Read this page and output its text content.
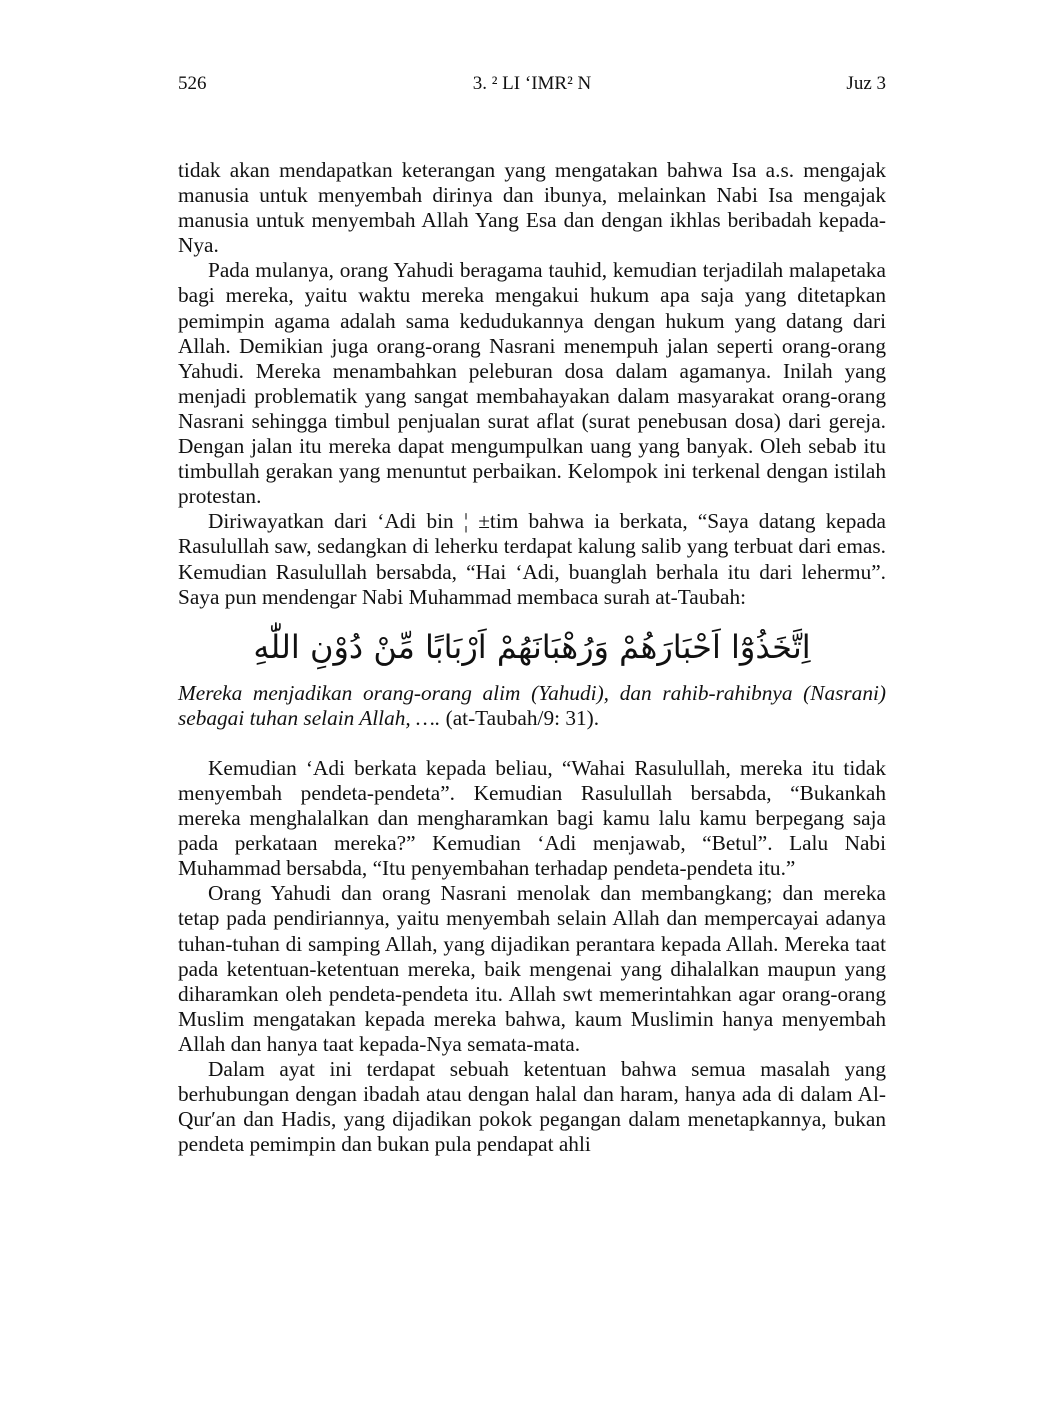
526	3. ² LI ‘IMR² N	Juz 3

tidak akan mendapatkan keterangan yang mengatakan bahwa Isa a.s. mengajak manusia untuk menyembah dirinya dan ibunya, melainkan Nabi Isa mengajak manusia untuk menyembah Allah Yang Esa dan dengan ikhlas beribadah kepada-Nya.

Pada mulanya, orang Yahudi beragama tauhid, kemudian terjadilah malapetaka bagi mereka, yaitu waktu mereka mengakui hukum apa saja yang ditetapkan pemimpin agama adalah sama kedudukannya dengan hukum yang datang dari Allah. Demikian juga orang-orang Nasrani menempuh jalan seperti orang-orang Yahudi. Mereka menambahkan peleburan dosa dalam agamanya. Inilah yang menjadi problematik yang sangat membahayakan dalam masyarakat orang-orang Nasrani sehingga timbul penjualan surat aflat (surat penebusan dosa) dari gereja. Dengan jalan itu mereka dapat mengumpulkan uang yang banyak. Oleh sebab itu timbullah gerakan yang menuntut perbaikan. Kelompok ini terkenal dengan istilah protestan.

Diriwayatkan dari ‘Adi bin ¦ ±tim bahwa ia berkata, “Saya datang kepada Rasulullah saw, sedangkan di leherku terdapat kalung salib yang terbuat dari emas. Kemudian Rasulullah bersabda, “Hai ‘Adi, buanglah berhala itu dari lehermu”. Saya pun mendengar Nabi Muhammad membaca surah at-Taubah:

اِتَّخَذُوْٓا اَحْبَارَهُمْ وَرُهْبَانَهُمْ اَرْبَابًا مِّنْ دُوْنِ اللّٰهِ

Mereka menjadikan orang-orang alim (Yahudi), dan rahib-rahibnya (Nasrani) sebagai tuhan selain Allah, …. (at-Taubah/9: 31).

Kemudian ‘Adi berkata kepada beliau, “Wahai Rasulullah, mereka itu tidak menyembah pendeta-pendeta”. Kemudian Rasulullah bersabda, “Bukankah mereka menghalalkan dan mengharamkan bagi kamu lalu kamu berpegang saja pada perkataan mereka?” Kemudian ‘Adi menjawab, “Betul”. Lalu Nabi Muhammad bersabda, “Itu penyembahan terhadap pendeta-pendeta itu.”

Orang Yahudi dan orang Nasrani menolak dan membangkang; dan mereka tetap pada pendiriannya, yaitu menyembah selain Allah dan mempercayai adanya tuhan-tuhan di samping Allah, yang dijadikan perantara kepada Allah. Mereka taat pada ketentuan-ketentuan mereka, baik mengenai yang dihalalkan maupun yang diharamkan oleh pendeta-pendeta itu. Allah swt memerintahkan agar orang-orang Muslim mengatakan kepada mereka bahwa, kaum Muslimin hanya menyembah Allah dan hanya taat kepada-Nya semata-mata.

Dalam ayat ini terdapat sebuah ketentuan bahwa semua masalah yang berhubungan dengan ibadah atau dengan halal dan haram, hanya ada di dalam Al-Qur′an dan Hadis, yang dijadikan pokok pegangan dalam menetapkannya, bukan pendeta pemimpin dan bukan pula pendapat ahli
